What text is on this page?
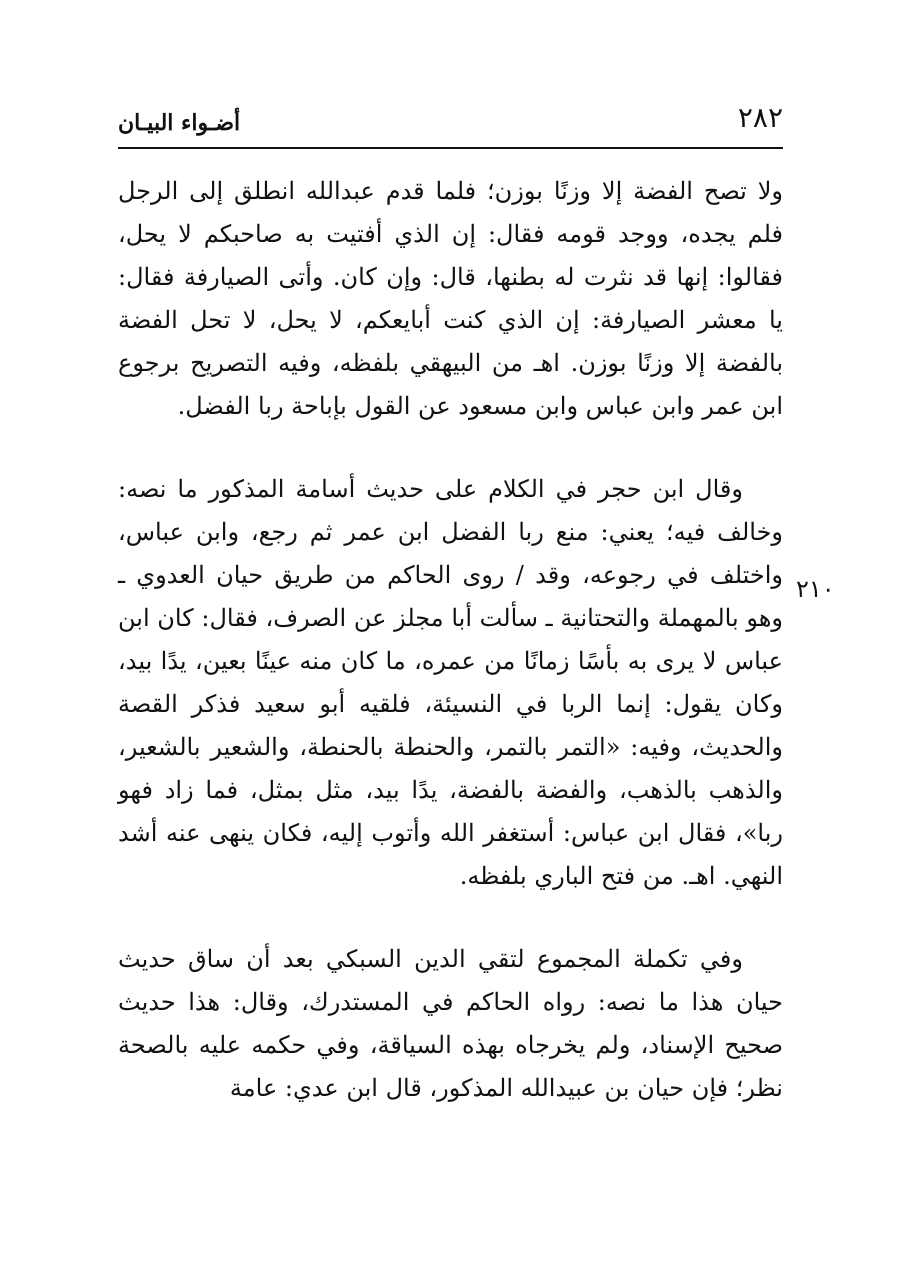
٢٨٢
أضـواء البيـان
٢١٠

ولا تصح الفضة إلا وزنًا بوزن؛ فلما قدم عبدالله انطلق إلى الرجل فلم يجده، ووجد قومه فقال: إن الذي أفتيت به صاحبكم لا يحل، فقالوا: إنها قد نثرت له بطنها، قال: وإن كان. وأتى الصيارفة فقال: يا معشر الصيارفة: إن الذي كنت أبايعكم، لا يحل، لا تحل الفضة بالفضة إلا وزنًا بوزن. اهـ من البيهقي بلفظه، وفيه التصريح برجوع ابن عمر وابن عباس وابن مسعود عن القول بإباحة ربا الفضل.

وقال ابن حجر في الكلام على حديث أسامة المذكور ما نصه: وخالف فيه؛ يعني: منع ربا الفضل ابن عمر ثم رجع، وابن عباس، واختلف في رجوعه، وقد / روى الحاكم من طريق حيان العدوي ـ وهو بالمهملة والتحتانية ـ سألت أبا مجلز عن الصرف، فقال: كان ابن عباس لا يرى به بأسًا زمانًا من عمره، ما كان منه عينًا بعين، يدًا بيد، وكان يقول: إنما الربا في النسيئة، فلقيه أبو سعيد فذكر القصة والحديث، وفيه: «التمر بالتمر، والحنطة بالحنطة، والشعير بالشعير، والذهب بالذهب، والفضة بالفضة، يدًا بيد، مثل بمثل، فما زاد فهو ربا»، فقال ابن عباس: أستغفر الله وأتوب إليه، فكان ينهى عنه أشد النهي. اهـ. من فتح الباري بلفظه.

وفي تكملة المجموع لتقي الدين السبكي بعد أن ساق حديث حيان هذا ما نصه: رواه الحاكم في المستدرك، وقال: هذا حديث صحيح الإسناد، ولم يخرجاه بهذه السياقة، وفي حكمه عليه بالصحة نظر؛ فإن حيان بن عبيدالله المذكور، قال ابن عدي: عامة
